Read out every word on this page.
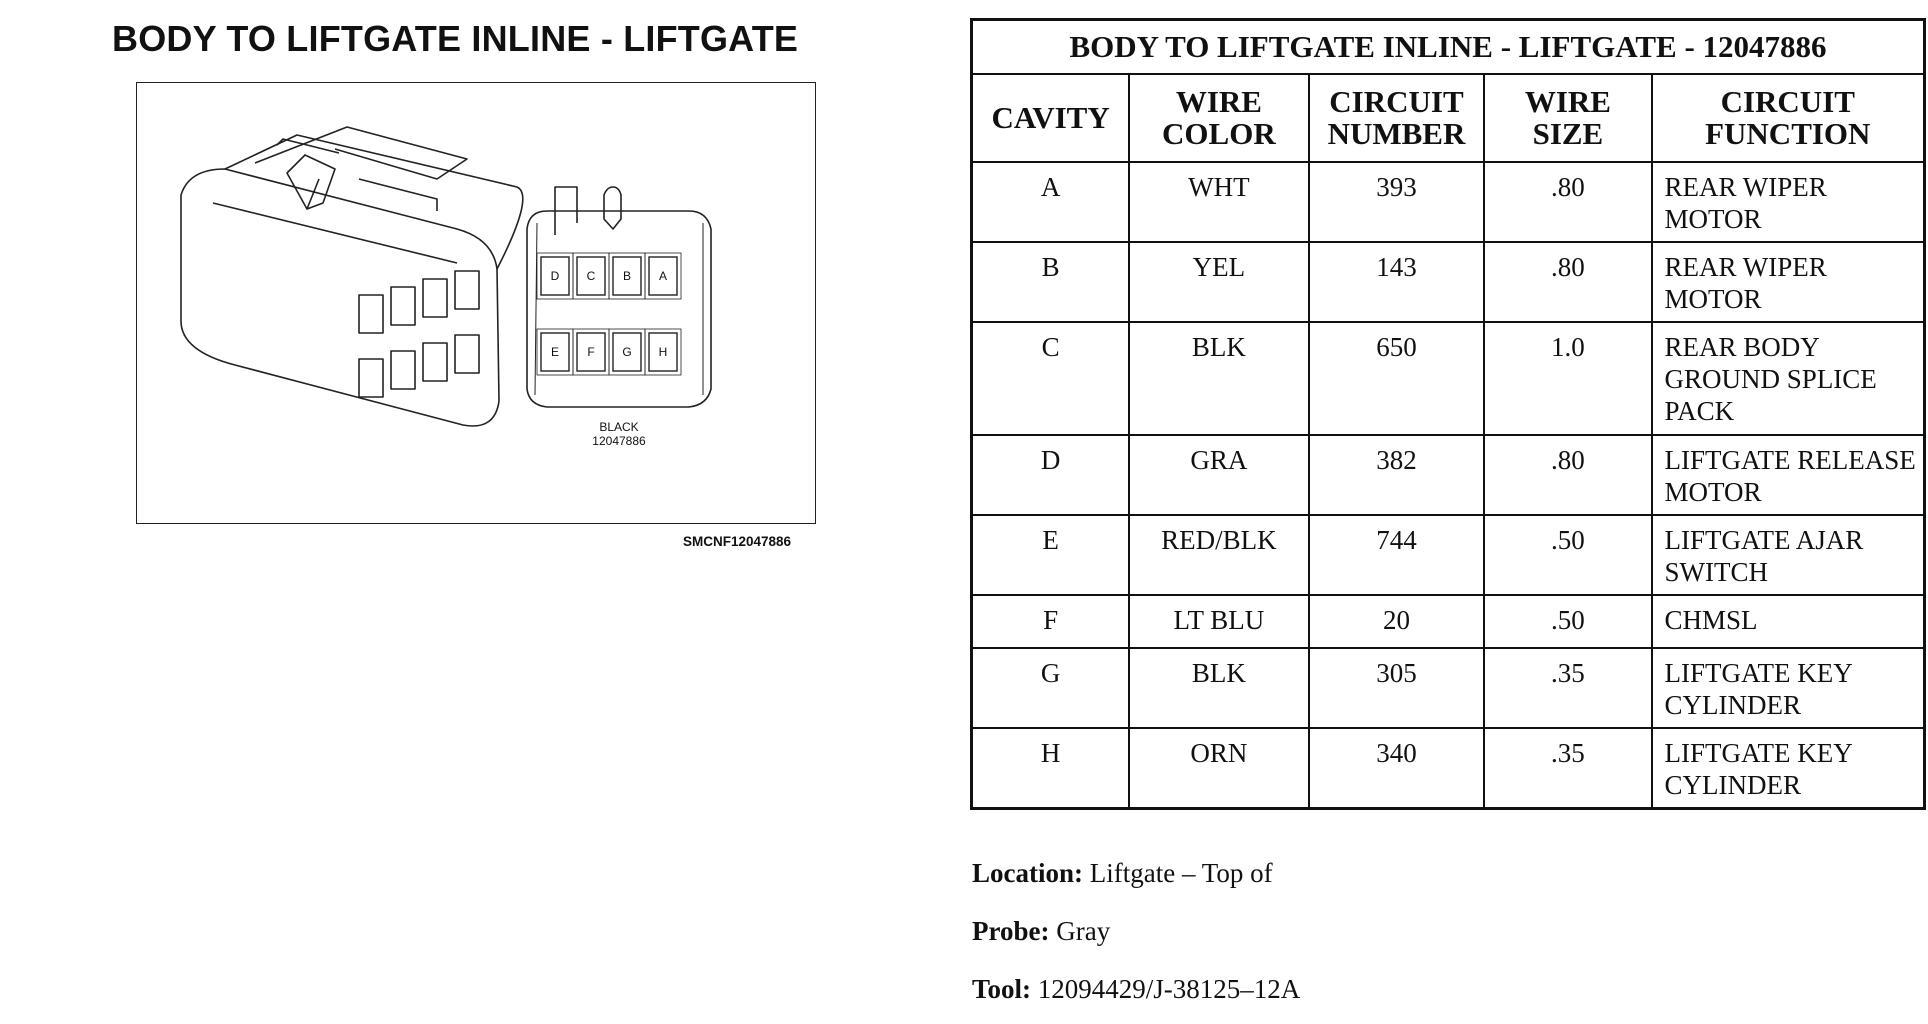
BODY TO LIFTGATE INLINE - LIFTGATE
D C B A
E F G H
BLACK
12047886
SMCNF12047886
BODY TO LIFTGATE INLINE - LIFTGATE - 12047886				
CAVITY	WIRE COLOR	CIRCUIT NUMBER	WIRE SIZE	CIRCUIT FUNCTION
A	WHT	393	.80	REAR WIPER MOTOR
B	YEL	143	.80	REAR WIPER MOTOR
C	BLK	650	1.0	REAR BODY GROUND SPLICE PACK
D	GRA	382	.80	LIFTGATE RELEASE MOTOR
E	RED/BLK	744	.50	LIFTGATE AJAR SWITCH
F	LT BLU	20	.50	CHMSL
G	BLK	305	.35	LIFTGATE KEY CYLINDER
H	ORN	340	.35	LIFTGATE KEY CYLINDER
Location: Liftgate – Top of
Probe: Gray
Tool: 12094429/J-38125–12A
